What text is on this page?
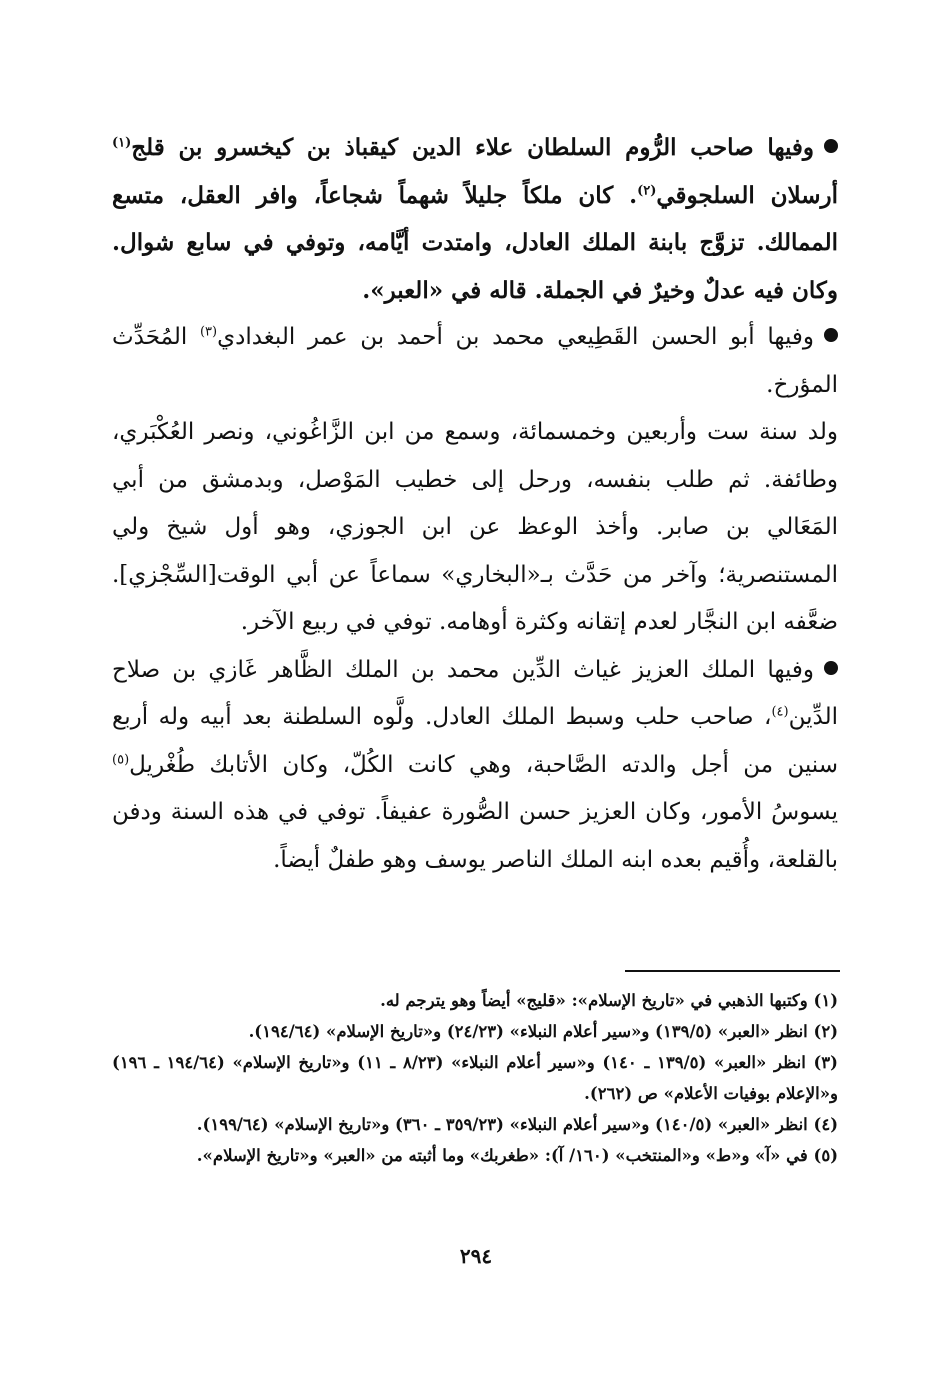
وفيها صاحب الرُّوم السلطان علاء الدين كيقباذ بن كيخسرو بن قلج$^{(١)}$ أرسلان السلجوقي$^{(٢)}$. كان ملكاً جليلاً شهماً شجاعاً، وافر العقل، متسع الممالك. تزوَّج بابنة الملك العادل، وامتدت أيَّامه، وتوفي في سابع شوال. وكان فيه عدلٌ وخيرٌ في الجملة. قاله في «العبر».

وفيها أبو الحسن القَطِيعي محمد بن أحمد بن عمر البغدادي$^{(٣)}$ المُحَدِّث المؤرخ.

ولد سنة ست وأربعين وخمسمائة، وسمع من ابن الزَّاغُوني، ونصر العُكْبَري، وطائفة. ثم طلب بنفسه، ورحل إلى خطيب المَوْصل، وبدمشق من أبي المَعَالي بن صابر. وأخذ الوعظ عن ابن الجوزي، وهو أول شيخ ولي المستنصرية؛ وآخر من حَدَّث بـ«البخاري» سماعاً عن أبي الوقت[السِّجْزي]. ضعَّفه ابن النجَّار لعدم إتقانه وكثرة أوهامه. توفي في ربيع الآخر.

وفيها الملك العزيز غياث الدِّين محمد بن الملك الظَّاهر غَازي بن صلاح الدِّين$^{(٤)}$، صاحب حلب وسبط الملك العادل. ولَّوه السلطنة بعد أبيه وله أربع سنين من أجل والدته الصَّاحبة، وهي كانت الكُلّ، وكان الأتابك طُغْريل$^{(٥)}$ يسوسُ الأمور، وكان العزيز حسن الصُّورة عفيفاً. توفي في هذه السنة ودفن بالقلعة، وأُقيم بعده ابنه الملك الناصر يوسف وهو طفلٌ أيضاً.

(١) وكتبها الذهبي في «تاريخ الإسلام»: «قليج» أيضاً وهو يترجم له.

(٢) انظر «العبر» (١٣٩/٥) و«سير أعلام النبلاء» (٢٤/٢٣) و«تاريخ الإسلام» (١٩٤/٦٤).

(٣) انظر «العبر» (١٣٩/٥ ـ ١٤٠) و«سير أعلام النبلاء» (٨/٢٣ ـ ١١) و«تاريخ الإسلام» (١٩٤/٦٤ ـ ١٩٦) و«الإعلام بوفيات الأعلام» ص (٢٦٢).

(٤) انظر «العبر» (١٤٠/٥) و«سير أعلام النبلاء» (٣٥٩/٢٣ ـ ٣٦٠) و«تاريخ الإسلام» (١٩٩/٦٤).

(٥) في «آ» و«ط» و«المنتخب» (١٦٠/ آ): «طغربك» وما أثبته من «العبر» و«تاريخ الإسلام».

٢٩٤
